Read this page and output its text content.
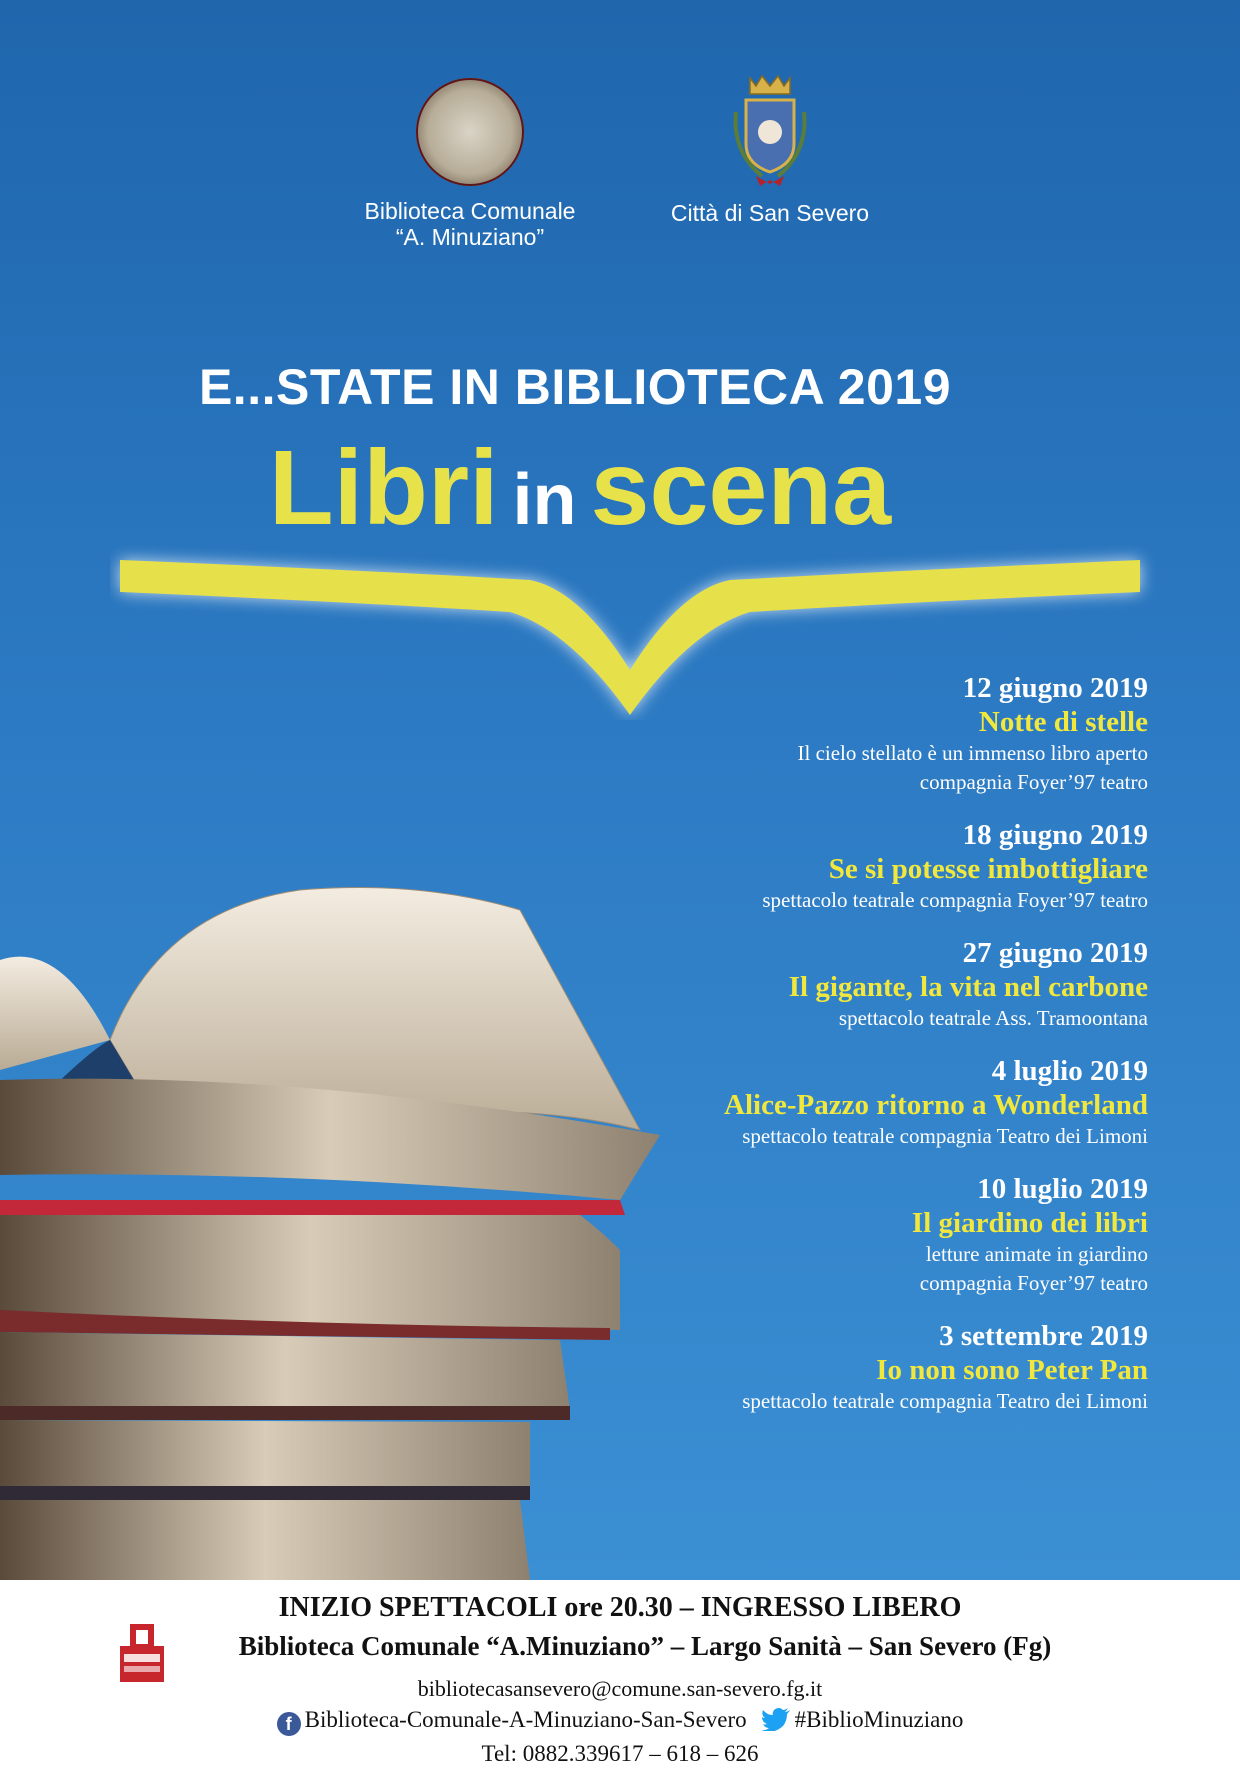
Biblioteca Comunale
“A. Minuziano”
Città di San Severo
E...STATE IN BIBLIOTECA 2019
Libri in scena
12 giugno 2019
Notte di stelle
Il cielo stellato è un immenso libro aperto
compagnia Foyer’97 teatro
18 giugno 2019
Se si potesse imbottigliare
spettacolo teatrale compagnia Foyer’97 teatro
27 giugno 2019
Il gigante, la vita nel carbone
spettacolo teatrale Ass. Tramoontana
4 luglio 2019
Alice-Pazzo ritorno a Wonderland
spettacolo teatrale compagnia Teatro dei Limoni
10 luglio 2019
Il giardino dei libri
letture animate in giardino
compagnia Foyer’97 teatro
3 settembre 2019
Io non sono Peter Pan
spettacolo teatrale compagnia Teatro dei Limoni
INIZIO SPETTACOLI ore 20.30 – INGRESSO LIBERO
Biblioteca Comunale “A.Minuziano” – Largo Sanità – San Severo (Fg)
bibliotecasansevero@comune.san-severo.fg.it
f Biblioteca-Comunale-A-Minuziano-San-Severo #BiblioMinuziano
Tel: 0882.339617 – 618 – 626
